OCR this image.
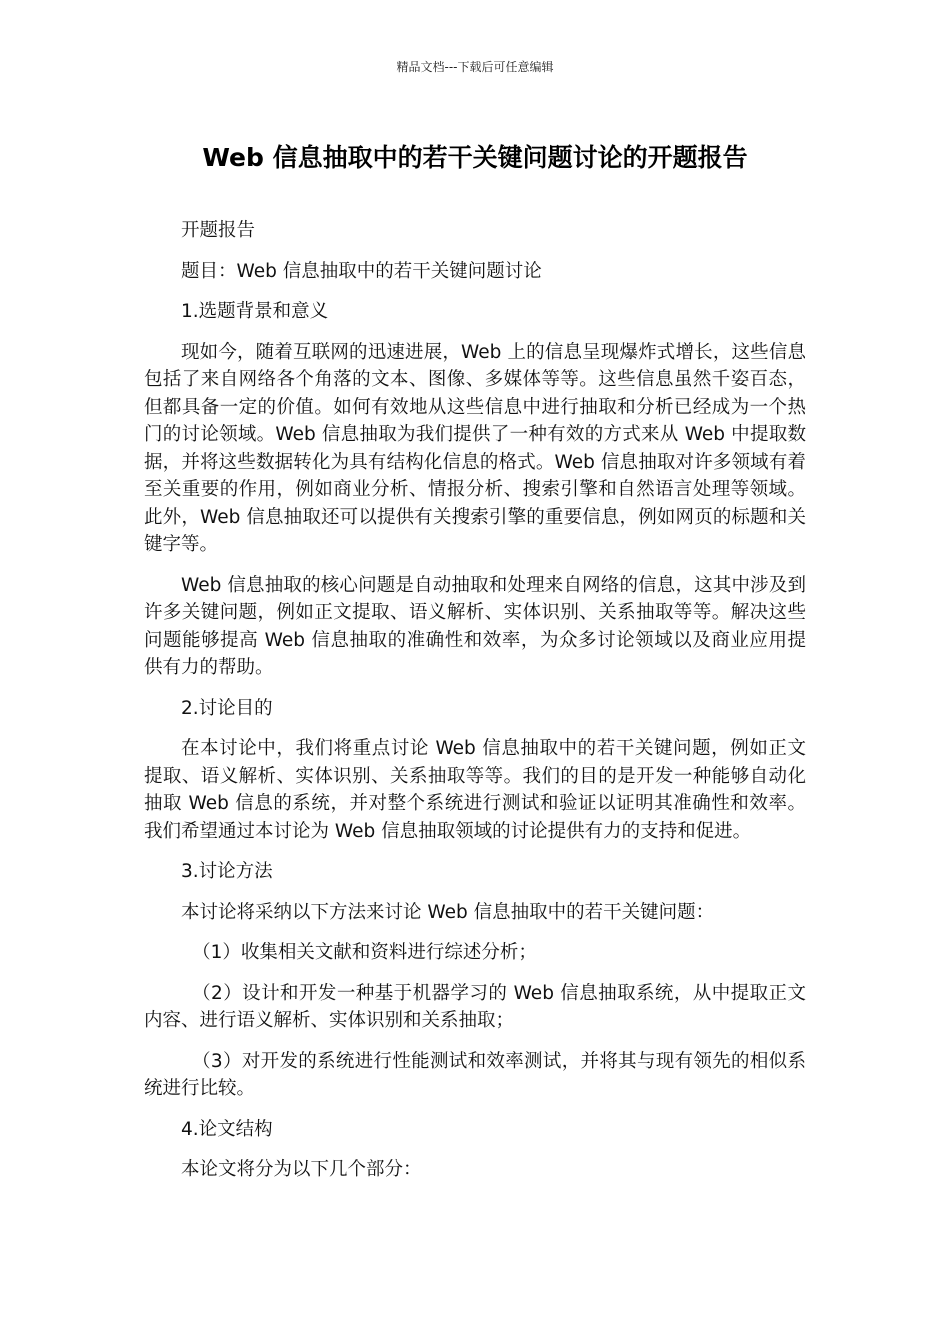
精品文档---下载后可任意编辑
Web 信息抽取中的若干关键问题讨论的开题报告

开题报告

题目：Web 信息抽取中的若干关键问题讨论

1.选题背景和意义

现如今，随着互联网的迅速进展，Web 上的信息呈现爆炸式增长，这些信息包括了来自网络各个角落的文本、图像、多媒体等等。这些信息虽然千姿百态，但都具备一定的价值。如何有效地从这些信息中进行抽取和分析已经成为一个热门的讨论领域。Web 信息抽取为我们提供了一种有效的方式来从 Web 中提取数据，并将这些数据转化为具有结构化信息的格式。Web 信息抽取对许多领域有着至关重要的作用，例如商业分析、情报分析、搜索引擎和自然语言处理等领域。此外，Web 信息抽取还可以提供有关搜索引擎的重要信息，例如网页的标题和关键字等。

Web 信息抽取的核心问题是自动抽取和处理来自网络的信息，这其中涉及到许多关键问题，例如正文提取、语义解析、实体识别、关系抽取等等。解决这些问题能够提高 Web 信息抽取的准确性和效率，为众多讨论领域以及商业应用提供有力的帮助。

2.讨论目的

在本讨论中，我们将重点讨论 Web 信息抽取中的若干关键问题，例如正文提取、语义解析、实体识别、关系抽取等等。我们的目的是开发一种能够自动化抽取 Web 信息的系统，并对整个系统进行测试和验证以证明其准确性和效率。我们希望通过本讨论为 Web 信息抽取领域的讨论提供有力的支持和促进。

3.讨论方法

本讨论将采纳以下方法来讨论 Web 信息抽取中的若干关键问题：

（1）收集相关文献和资料进行综述分析；

（2）设计和开发一种基于机器学习的 Web 信息抽取系统，从中提取正文内容、进行语义解析、实体识别和关系抽取；

（3）对开发的系统进行性能测试和效率测试，并将其与现有领先的相似系统进行比较。

4.论文结构

本论文将分为以下几个部分：
